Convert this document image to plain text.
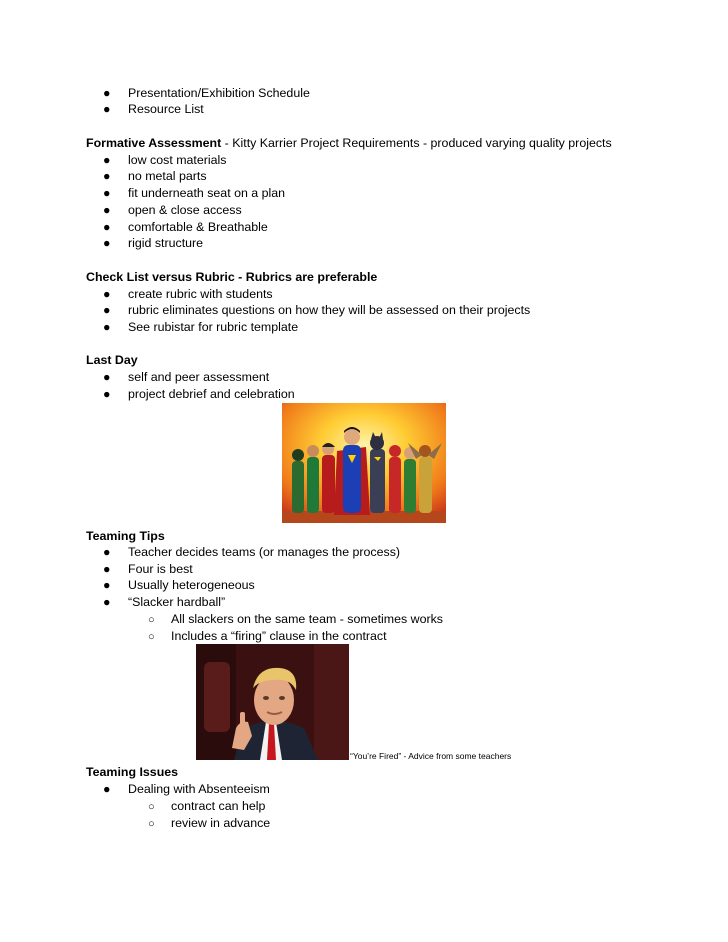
● Presentation/Exhibition Schedule
● Resource List
Formative Assessment - Kitty Karrier Project Requirements - produced varying quality projects
● low cost materials
● no metal parts
● fit underneath seat on a plan
● open & close access
● comfortable & Breathable
● rigid structure
Check List versus Rubric - Rubrics are preferable
● create rubric with students
● rubric eliminates questions on how they will be assessed on their projects
● See rubistar for rubric template
Last Day
● self and peer assessment
● project debrief and celebration
Teaming Tips
● Teacher decides teams (or manages the process)
● Four is best
● Usually heterogeneous
● “Slacker hardball”
○ All slackers on the same team - sometimes works
○ Includes a “firing” clause in the contract
“You’re Fired” - Advice from some teachers
Teaming Issues
● Dealing with Absenteeism
○ contract can help
○ review in advance
